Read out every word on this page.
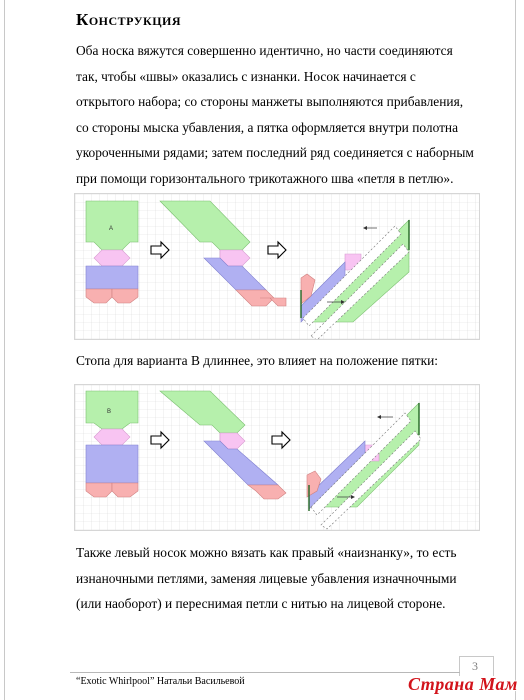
Конструкция
Оба носка вяжутся совершенно идентично, но части соединяются так, чтобы «швы» оказались с изнанки. Носок начинается с открытого набора; со стороны манжеты выполняются прибавления, со стороны мыска убавления, а пятка оформляется внутри полотна укороченными рядами; затем последний ряд соединяется с наборным при помощи горизонтального трикотажного шва «петля в петлю».
A
Стопа для варианта В длиннее, это влияет на положение пятки:
B
Также левый носок можно вязать как правый «наизнанку», то есть изнаночными петлями, заменяя лицевые убавления изначночными (или наоборот) и переснимая петли с нитью на лицевой стороне.
3
“Exotic Whirlpool” Натальи Васильевой	Страна Мам
